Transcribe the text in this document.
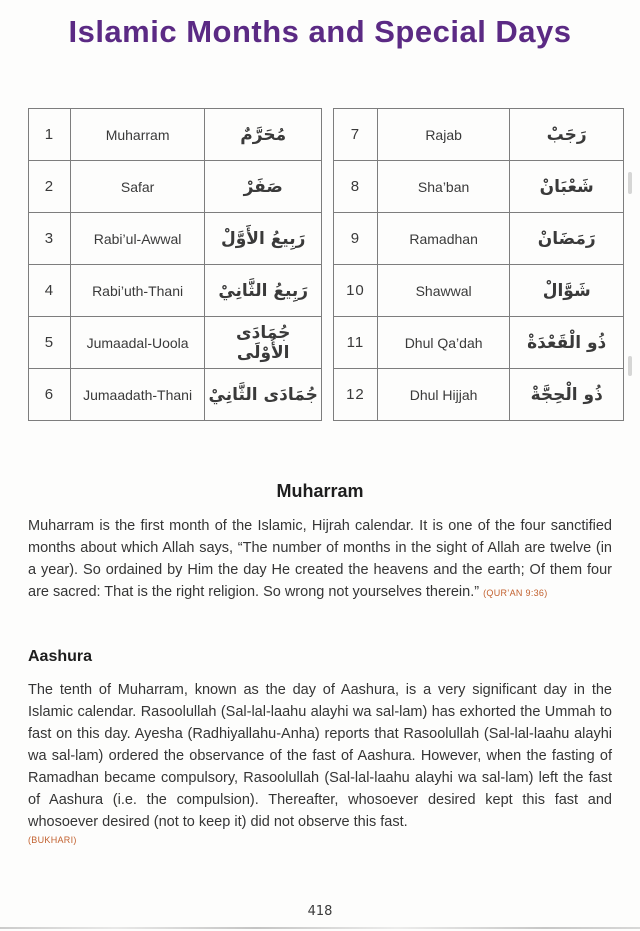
Islamic Months and Special Days
1	Muharram	مُحَرَّمٌ
2	Safar	صَفَرْ
3	Rabi’ul-Awwal	رَبِيعُ الأَوَّلْ
4	Rabi’uth-Thani	رَبِيعُ الثَّانِيْ
5	Jumaadal-Uoola	جُمَادَى الأُوْلَى
6	Jumaadath-Thani	جُمَادَى الثَّانِيْ
7	Rajab	رَجَبْ
8	Sha’ban	شَعْبَانْ
9	Ramadhan	رَمَضَانْ
10	Shawwal	شَوَّالْ
11	Dhul Qa’dah	ذُو الْقَعْدَةْ
12	Dhul Hijjah	ذُو الْحِجَّةْ
Muharram

Muharram is the first month of the Islamic, Hijrah calendar. It is one of the four sanctified months about which Allah says, “The number of months in the sight of Allah are twelve (in a year). So ordained by Him the day He created the heavens and the earth; Of them four are sacred: That is the right religion. So wrong not yourselves therein.” (QUR’AN 9:36)

Aashura

The tenth of Muharram, known as the day of Aashura, is a very significant day in the Islamic calendar. Rasoolullah (Sal-lal-laahu alayhi wa sal-lam) has exhorted the Ummah to fast on this day. Ayesha (Radhiyallahu-Anha) reports that Rasoolullah (Sal-lal-laahu alayhi wa sal-lam) ordered the observance of the fast of Aashura. However, when the fasting of Ramadhan became compulsory, Rasoolullah (Sal-lal-laahu alayhi wa sal-lam) left the fast of Aashura (i.e. the compulsion). Thereafter, whosoever desired kept this fast and whosoever desired (not to keep it) did not observe this fast.

(BUKHARI)
418
